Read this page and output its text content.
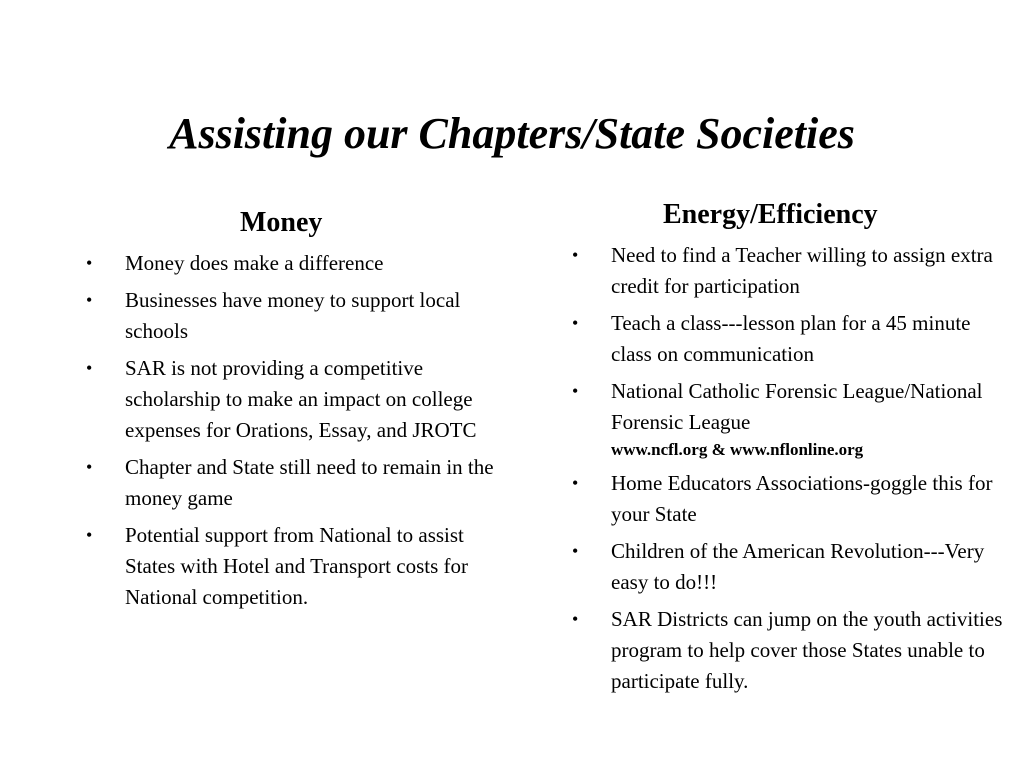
Assisting our Chapters/State Societies
Money
•	Money does make a difference
•	Businesses have money to support local schools
•	SAR is not providing a competitive scholarship to make an impact on college expenses for Orations, Essay, and JROTC
•	Chapter and State still need to remain in the money game
•	Potential support from National to assist States with Hotel and Transport costs for National competition.
Energy/Efficiency
•	Need to find a Teacher willing to assign extra credit for participation
•	Teach a class---lesson plan for a 45 minute class on communication
•	National Catholic Forensic League/National Forensic League
www.ncfl.org & www.nflonline.org
•	Home Educators Associations-goggle this for your State
•	Children of the American Revolution---Very easy to do!!!
•	SAR Districts can jump on the youth activities program to help cover those States unable to participate fully.
